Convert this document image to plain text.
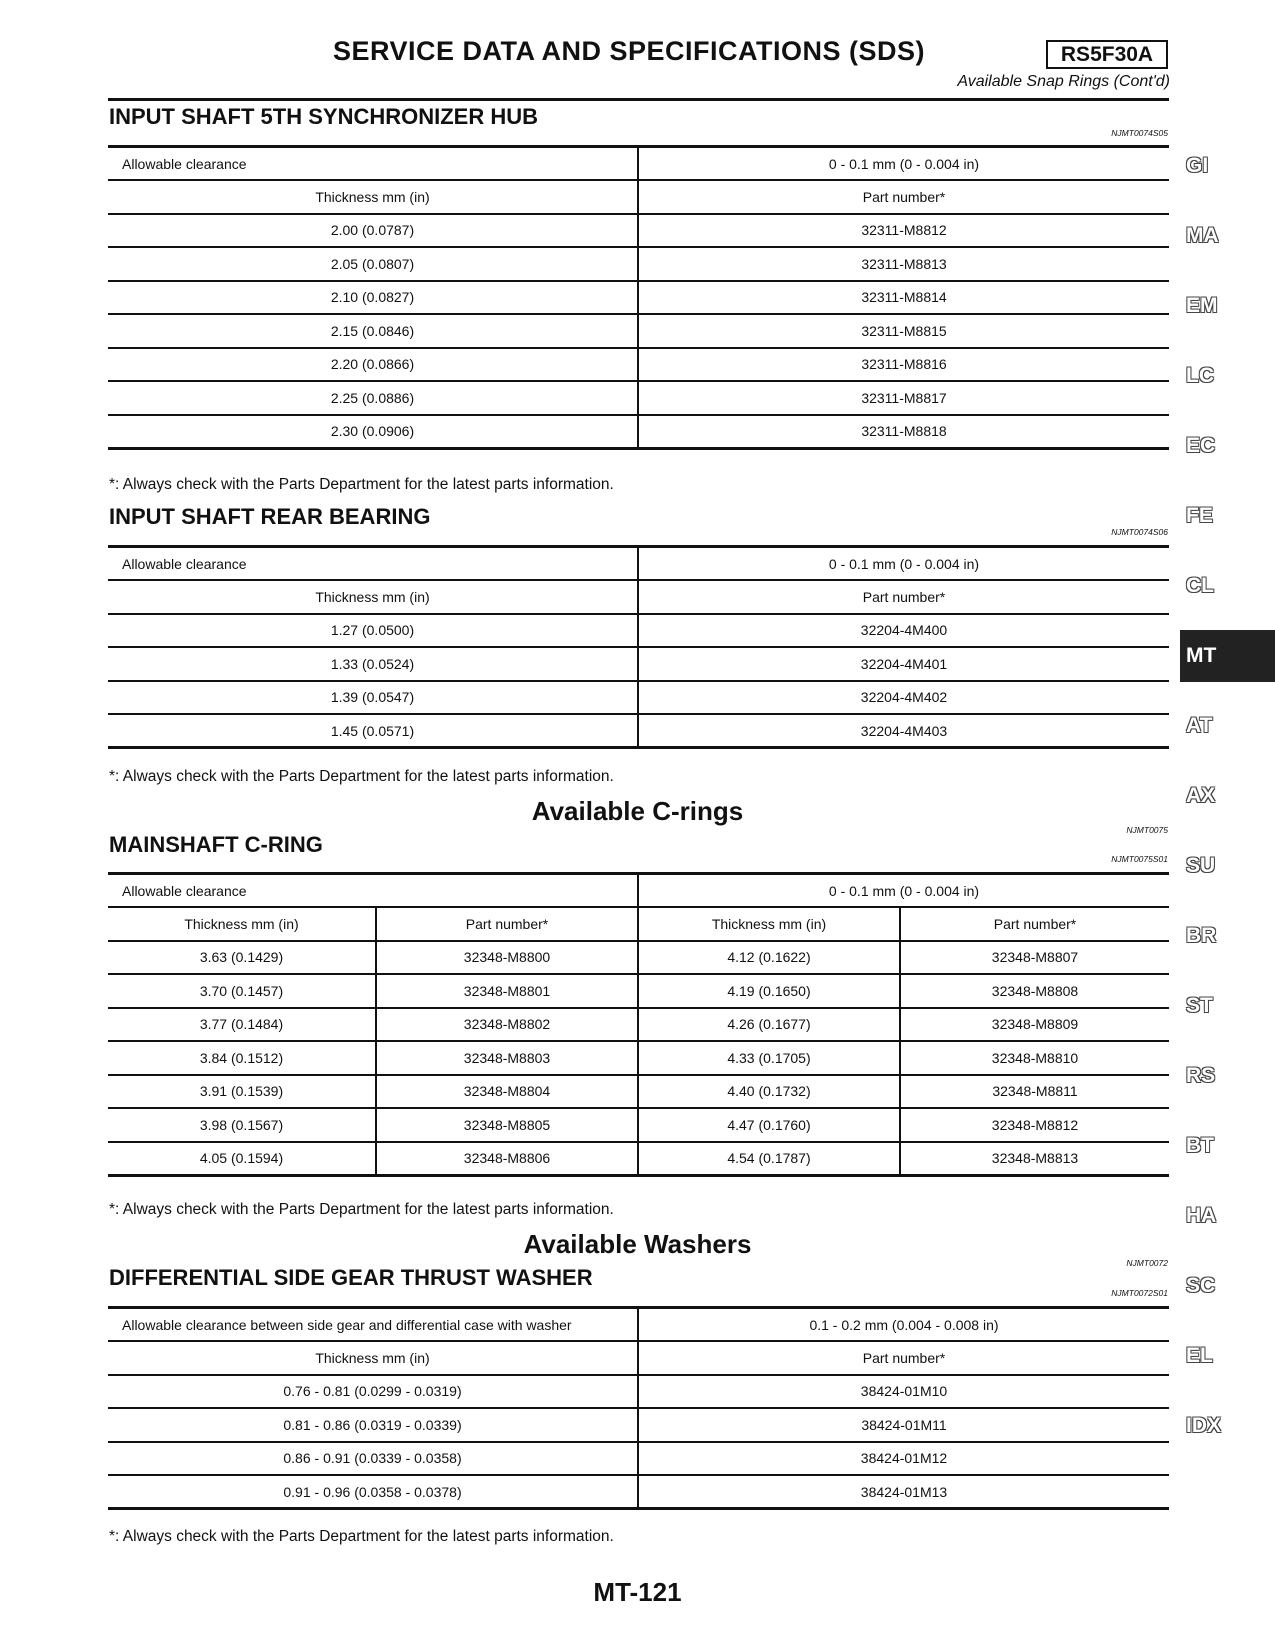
SERVICE DATA AND SPECIFICATIONS (SDS)	RS5F30A
Available Snap Rings (Cont'd)
INPUT SHAFT 5TH SYNCHRONIZER HUB
NJMT0074S05
Allowable clearance	0 - 0.1 mm (0 - 0.004 in)
Thickness mm (in)	Part number*
2.00 (0.0787)	32311-M8812
2.05 (0.0807)	32311-M8813
2.10 (0.0827)	32311-M8814
2.15 (0.0846)	32311-M8815
2.20 (0.0866)	32311-M8816
2.25 (0.0886)	32311-M8817
2.30 (0.0906)	32311-M8818
*: Always check with the Parts Department for the latest parts information.
INPUT SHAFT REAR BEARING
NJMT0074S06
Allowable clearance	0 - 0.1 mm (0 - 0.004 in)
Thickness mm (in)	Part number*
1.27 (0.0500)	32204-4M400
1.33 (0.0524)	32204-4M401
1.39 (0.0547)	32204-4M402
1.45 (0.0571)	32204-4M403
*: Always check with the Parts Department for the latest parts information.
Available C-rings
NJMT0075
MAINSHAFT C-RING
NJMT0075S01
Allowable clearance		0 - 0.1 mm (0 - 0.004 in)	
Thickness mm (in)	Part number*	Thickness mm (in)	Part number*
3.63 (0.1429)	32348-M8800	4.12 (0.1622)	32348-M8807
3.70 (0.1457)	32348-M8801	4.19 (0.1650)	32348-M8808
3.77 (0.1484)	32348-M8802	4.26 (0.1677)	32348-M8809
3.84 (0.1512)	32348-M8803	4.33 (0.1705)	32348-M8810
3.91 (0.1539)	32348-M8804	4.40 (0.1732)	32348-M8811
3.98 (0.1567)	32348-M8805	4.47 (0.1760)	32348-M8812
4.05 (0.1594)	32348-M8806	4.54 (0.1787)	32348-M8813
*: Always check with the Parts Department for the latest parts information.
Available Washers
NJMT0072
DIFFERENTIAL SIDE GEAR THRUST WASHER
NJMT0072S01
Allowable clearance between side gear and differential case with washer	0.1 - 0.2 mm (0.004 - 0.008 in)
Thickness mm (in)	Part number*
0.76 - 0.81 (0.0299 - 0.0319)	38424-01M10
0.81 - 0.86 (0.0319 - 0.0339)	38424-01M11
0.86 - 0.91 (0.0339 - 0.0358)	38424-01M12
0.91 - 0.96 (0.0358 - 0.0378)	38424-01M13
*: Always check with the Parts Department for the latest parts information.
GI
MA
EM
LC
EC
FE
CL
MT
AT
AX
SU
BR
ST
RS
BT
HA
SC
EL
IDX
MT-121
